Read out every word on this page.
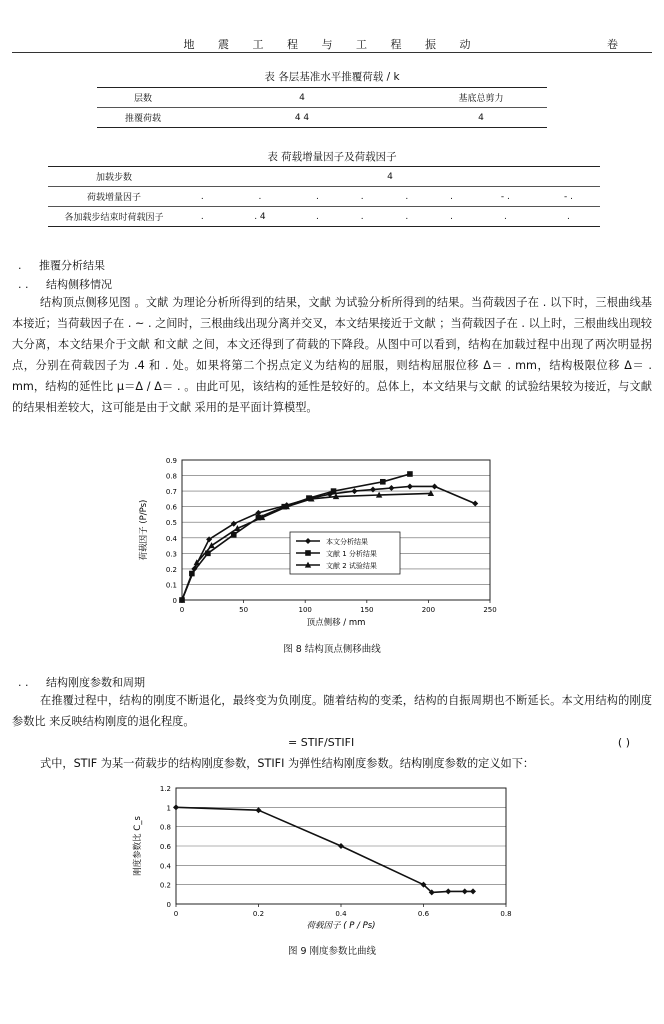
地 震 工 程 与 工 程 振 动	卷
表 各层基准水平推覆荷载 / k
层数	4	基底总剪力
推覆荷载	4 4	4
表 荷载增量因子及荷载因子
加载步数	4							
荷载增量因子	.	.	.	.	.	.	- .	- .
各加载步结束时荷载因子	.	. 4	.	.	.	.	.	.
. 推覆分析结果
. . 结构侧移情况

结构顶点侧移见图 。文献 为理论分析所得到的结果，文献 为试验分析所得到的结果。当荷载因子在 . 以下时，三根曲线基本接近；当荷载因子在 . ~ . 之间时，三根曲线出现分离并交叉，本文结果接近于文献 ；当荷载因子在 . 以上时，三根曲线出现较大分离，本文结果介于文献 和文献 之间，本文还得到了荷载的下降段。从图中可以看到，结构在加载过程中出现了两次明显拐点，分别在荷载因子为 .4 和 . 处。如果将第二个拐点定义为结构的屈服，则结构屈服位移 Δ＝ . mm，结构极限位移 Δ＝ . mm，结构的延性比 μ＝Δ / Δ＝ . 。由此可见，该结构的延性是较好的。总体上，本文结果与文献 的试验结果较为接近，与文献 的结果相差较大，这可能是由于文献 采用的是平面计算模型。

0
0.1
0.2
0.3
0.4
0.5
0.6
0.7
0.8
0.9
0	50	100	150	200	250
本文分析结果
文献 1 分析结果
文献 2 试验结果
顶点侧移 / mm
荷载因子 (P/Ps)
图 8 结构顶点侧移曲线
. . 结构刚度参数和周期

在推覆过程中，结构的刚度不断退化，最终变为负刚度。随着结构的变柔，结构的自振周期也不断延长。本文用结构的刚度参数比 来反映结构刚度的退化程度。

= STIF/STIFI	( )

式中，STIF 为某一荷载步的结构刚度参数，STIFI 为弹性结构刚度参数。结构刚度参数的定义如下：

0
0.2
0.4
0.6
0.8
1
1.2
0	0.2	0.4	0.6	0.8
荷载因子 ( P / Ps)
刚度参数比 C_s
图 9 刚度参数比曲线
